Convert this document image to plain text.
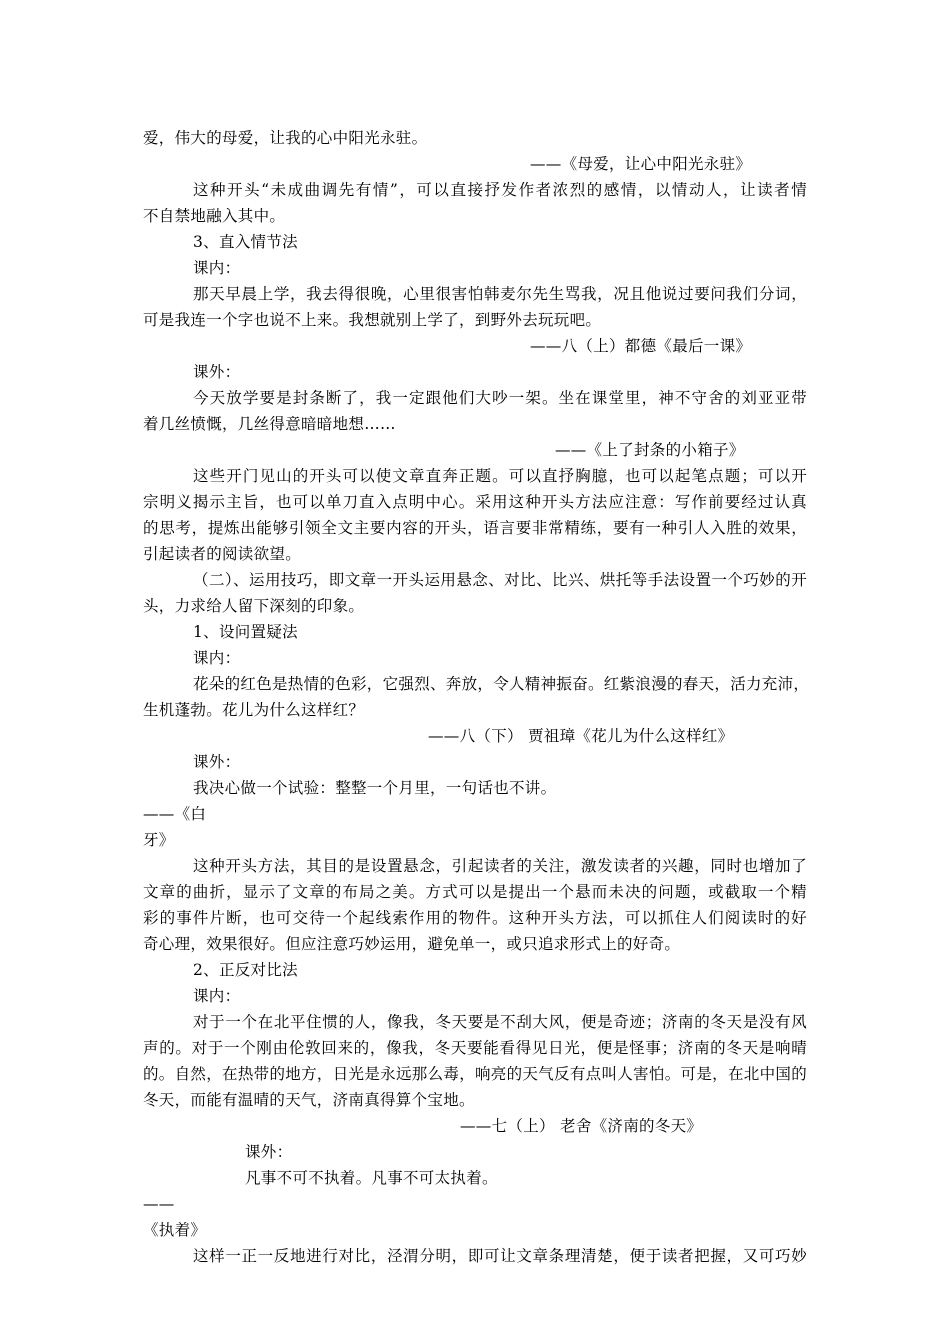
爱，伟大的母爱，让我的心中阳光永驻。
——《母爱，让心中阳光永驻》
这种开头“未成曲调先有情”，可以直接抒发作者浓烈的感情，以情动人，让读者情
不自禁地融入其中。
3、直入情节法
课内：
那天早晨上学，我去得很晚，心里很害怕韩麦尔先生骂我，况且他说过要问我们分词，
可是我连一个字也说不上来。我想就别上学了，到野外去玩玩吧。
——八（上）都德《最后一课》
课外：
今天放学要是封条断了，我一定跟他们大吵一架。坐在课堂里，神不守舍的刘亚亚带
着几丝愤慨，几丝得意暗暗地想……
——《上了封条的小箱子》
这些开门见山的开头可以使文章直奔正题。可以直抒胸臆，也可以起笔点题；可以开
宗明义揭示主旨，也可以单刀直入点明中心。采用这种开头方法应注意：写作前要经过认真
的思考，提炼出能够引领全文主要内容的开头，语言要非常精练，要有一种引人入胜的效果，
引起读者的阅读欲望。
（二）、运用技巧，即文章一开头运用悬念、对比、比兴、烘托等手法设置一个巧妙的开
头，力求给人留下深刻的印象。
1、设问置疑法
课内：
花朵的红色是热情的色彩，它强烈、奔放，令人精神振奋。红紫浪漫的春天，活力充沛，
生机蓬勃。花儿为什么这样红？
——八（下） 贾祖璋《花儿为什么这样红》
课外：
我决心做一个试验：整整一个月里，一句话也不讲。
——《白
牙》
这种开头方法，其目的是设置悬念，引起读者的关注，激发读者的兴趣，同时也增加了
文章的曲折，显示了文章的布局之美。方式可以是提出一个悬而未决的问题，或截取一个精
彩的事件片断，也可交待一个起线索作用的物件。这种开头方法，可以抓住人们阅读时的好
奇心理，效果很好。但应注意巧妙运用，避免单一，或只追求形式上的好奇。
2、正反对比法
课内：
对于一个在北平住惯的人，像我，冬天要是不刮大风，便是奇迹；济南的冬天是没有风
声的。对于一个刚由伦敦回来的，像我，冬天要能看得见日光，便是怪事；济南的冬天是响晴
的。自然，在热带的地方，日光是永远那么毒，响亮的天气反有点叫人害怕。可是，在北中国的
冬天，而能有温晴的天气，济南真得算个宝地。
——七（上） 老舍《济南的冬天》
课外：
凡事不可不执着。凡事不可太执着。
——
《执着》
这样一正一反地进行对比，泾渭分明，即可让文章条理清楚，便于读者把握，又可巧妙
